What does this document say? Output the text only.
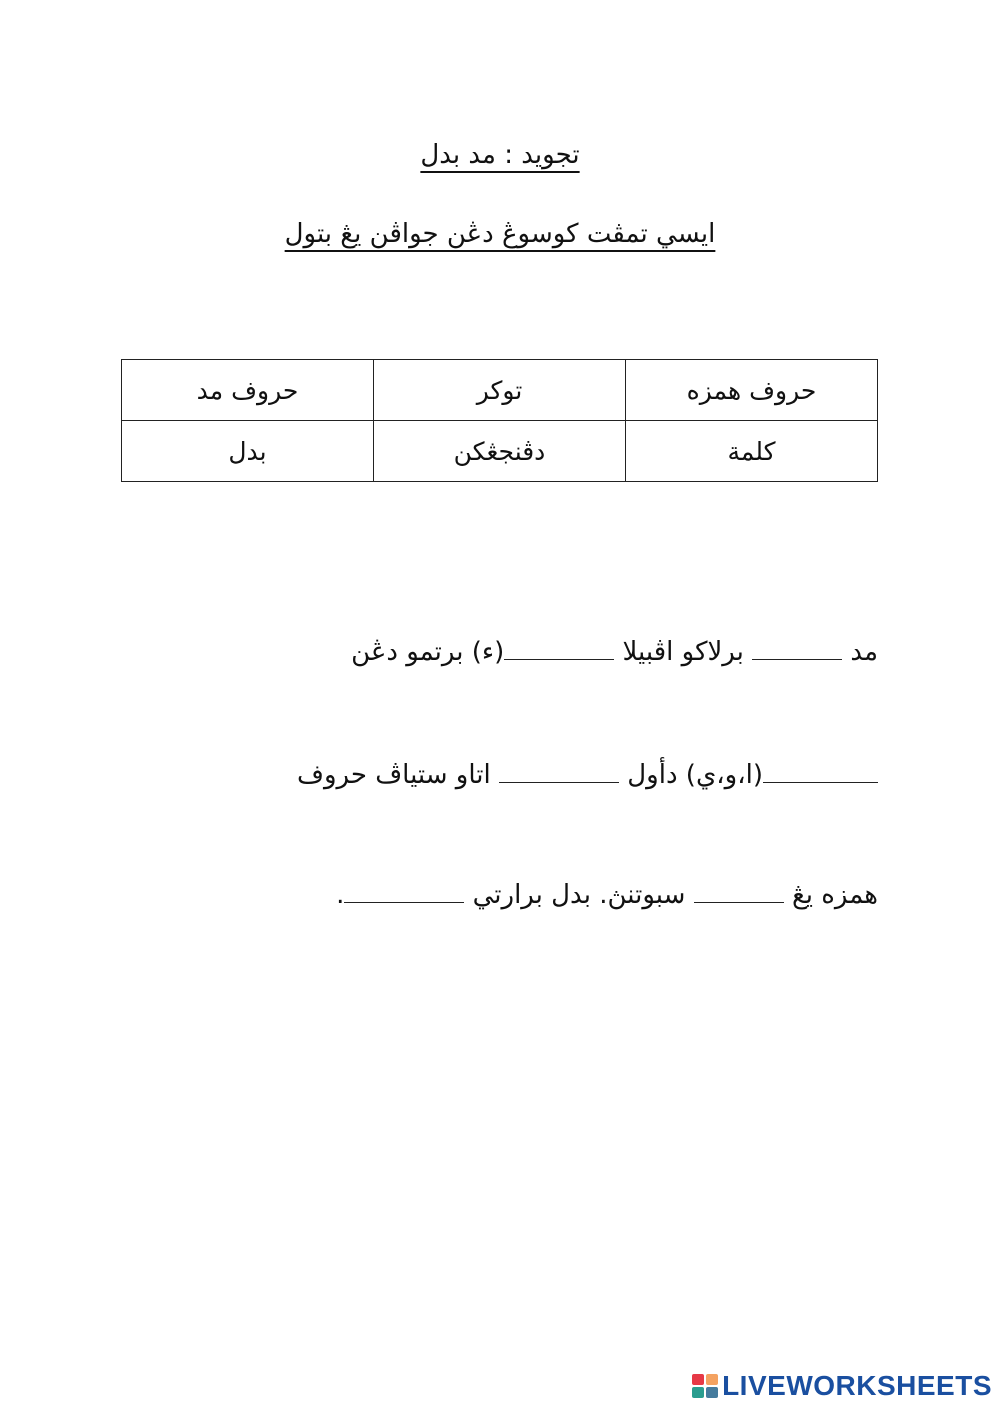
تجويد : مد بدل
ايسي تمڤت كوسوڠ دڠن جواڤن يڠ بتول
حروف همزه	توكر	حروف مد
كلمة	دڤنجڠكن	بدل
مد  برلاكو اڤبيلا (ء) برتمو دڠن
(ا،و،ي) دأول  اتاو ستياڤ حروف
همزه يڠ  سبوتنڽ. بدل برارتي .
LIVEWORKSHEETS
